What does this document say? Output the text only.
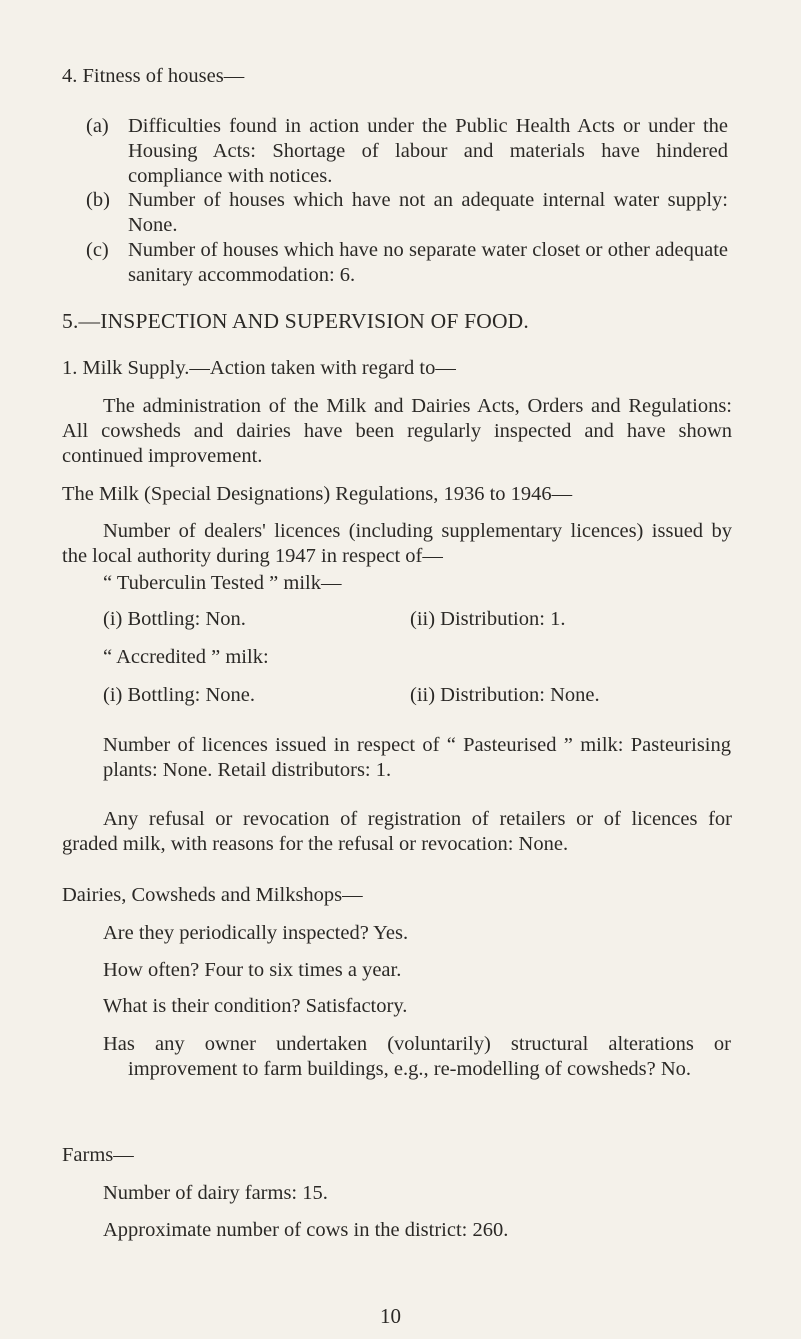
4. Fitness of houses—

(a) Difficulties found in action under the Public Health Acts or under the Housing Acts: Shortage of labour and materials have hindered compliance with notices.

(b) Number of houses which have not an adequate internal water supply: None.

(c) Number of houses which have no separate water closet or other adequate sanitary accommodation: 6.

5.—INSPECTION AND SUPERVISION OF FOOD.

1. Milk Supply.—Action taken with regard to—

The administration of the Milk and Dairies Acts, Orders and Regulations: All cowsheds and dairies have been regularly inspected and have shown continued improvement.

The Milk (Special Designations) Regulations, 1936 to 1946—

Number of dealers' licences (including supplementary licences) issued by the local authority during 1947 in respect of—

“ Tuberculin Tested ” milk—

(i) Bottling: Non.	(ii) Distribution: 1.

“ Accredited ” milk:

(i) Bottling: None.	(ii) Distribution: None.

Number of licences issued in respect of “ Pasteurised ” milk: Pasteurising plants: None. Retail distributors: 1.

Any refusal or revocation of registration of retailers or of licences for graded milk, with reasons for the refusal or revocation: None.

Dairies, Cowsheds and Milkshops—

Are they periodically inspected? Yes.

How often? Four to six times a year.

What is their condition? Satisfactory.

Has any owner undertaken (voluntarily) structural alterations or improvement to farm buildings, e.g., re-modelling of cowsheds? No.

Farms—

Number of dairy farms: 15.

Approximate number of cows in the district: 260.

10
